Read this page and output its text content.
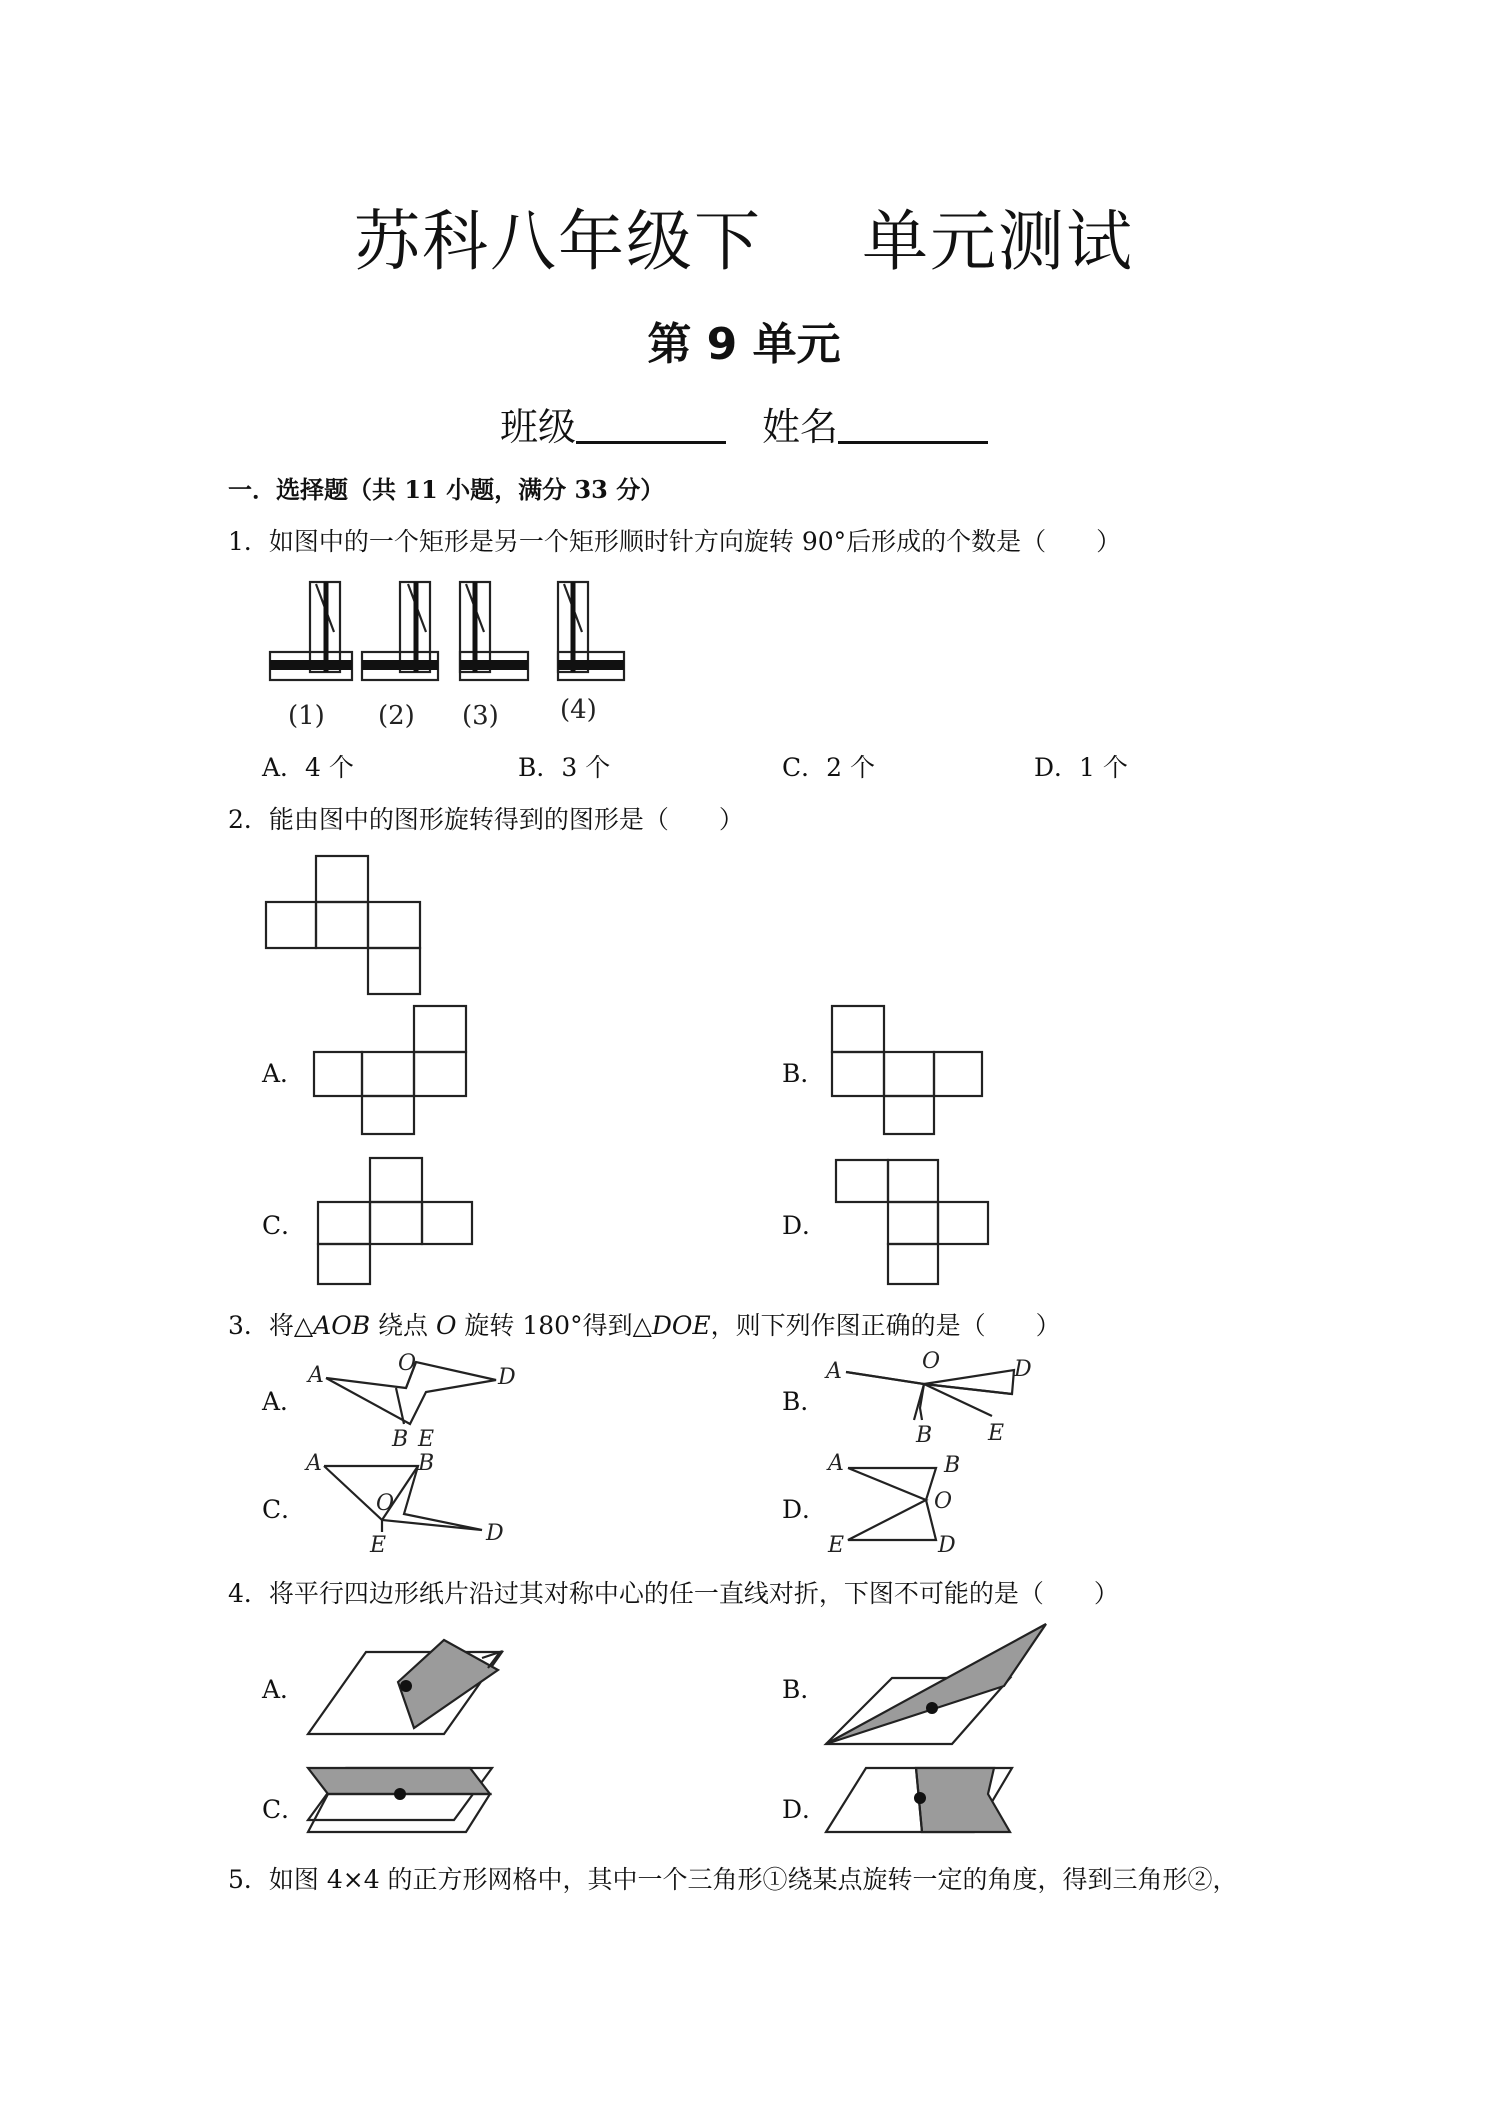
苏科八年级下 单元测试
第 9 单元
班级	姓名
一．选择题（共 11 小题，满分 33 分）
1．如图中的一个矩形是另一个矩形顺时针方向旋转 90°后形成的个数是（　　）
(1) (2) (3) (4)
A．4 个	B．3 个	C．2 个	D．1 个
2．能由图中的图形旋转得到的图形是（　　）
A．	B．
C．	D．
3．将△AOB 绕点 O 旋转 180°得到△DOE，则下列作图正确的是（　　）
A．
A	O
B E
D
B．
A	O
B
D
E
C．
A	B
O
E	D
D．
A	B
O
E	D
4．将平行四边形纸片沿过其对称中心的任一直线对折，下图不可能的是（　　）
A．	B．
C．	D．
5．如图 4×4 的正方形网格中，其中一个三角形①绕某点旋转一定的角度，得到三角形②，
